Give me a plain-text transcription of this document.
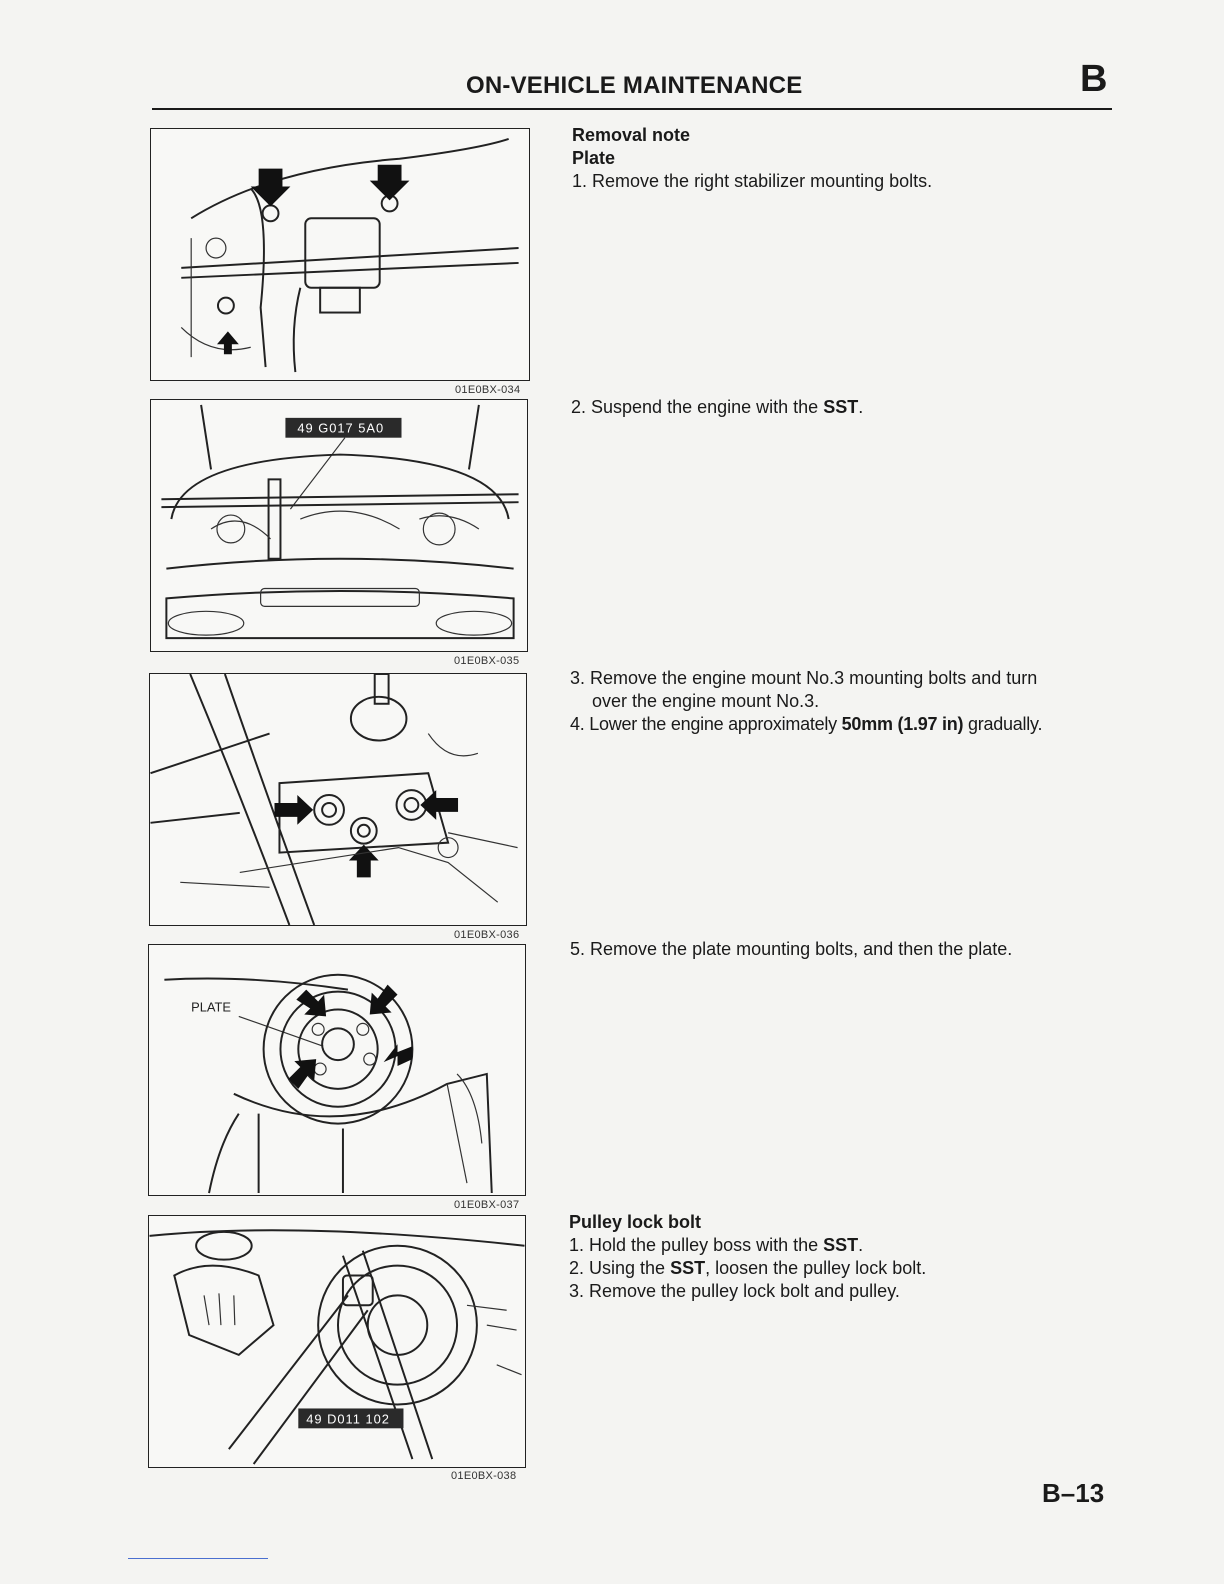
ON-VEHICLE MAINTENANCE	B
01E0BX-034
49 G017 5A0
01E0BX-035
01E0BX-036
PLATE
01E0BX-037
49 D011 102
01E0BX-038

Removal note

Plate

1. Remove the right stabilizer mounting bolts.

2. Suspend the engine with the SST.

3. Remove the engine mount No.3 mounting bolts and turn

over the engine mount No.3.

4. Lower the engine approximately 50mm (1.97 in) gradually.

5. Remove the plate mounting bolts, and then the plate.

Pulley lock bolt

1. Hold the pulley boss with the SST.

2. Using the SST, loosen the pulley lock bolt.

3. Remove the pulley lock bolt and pulley.

B–13
